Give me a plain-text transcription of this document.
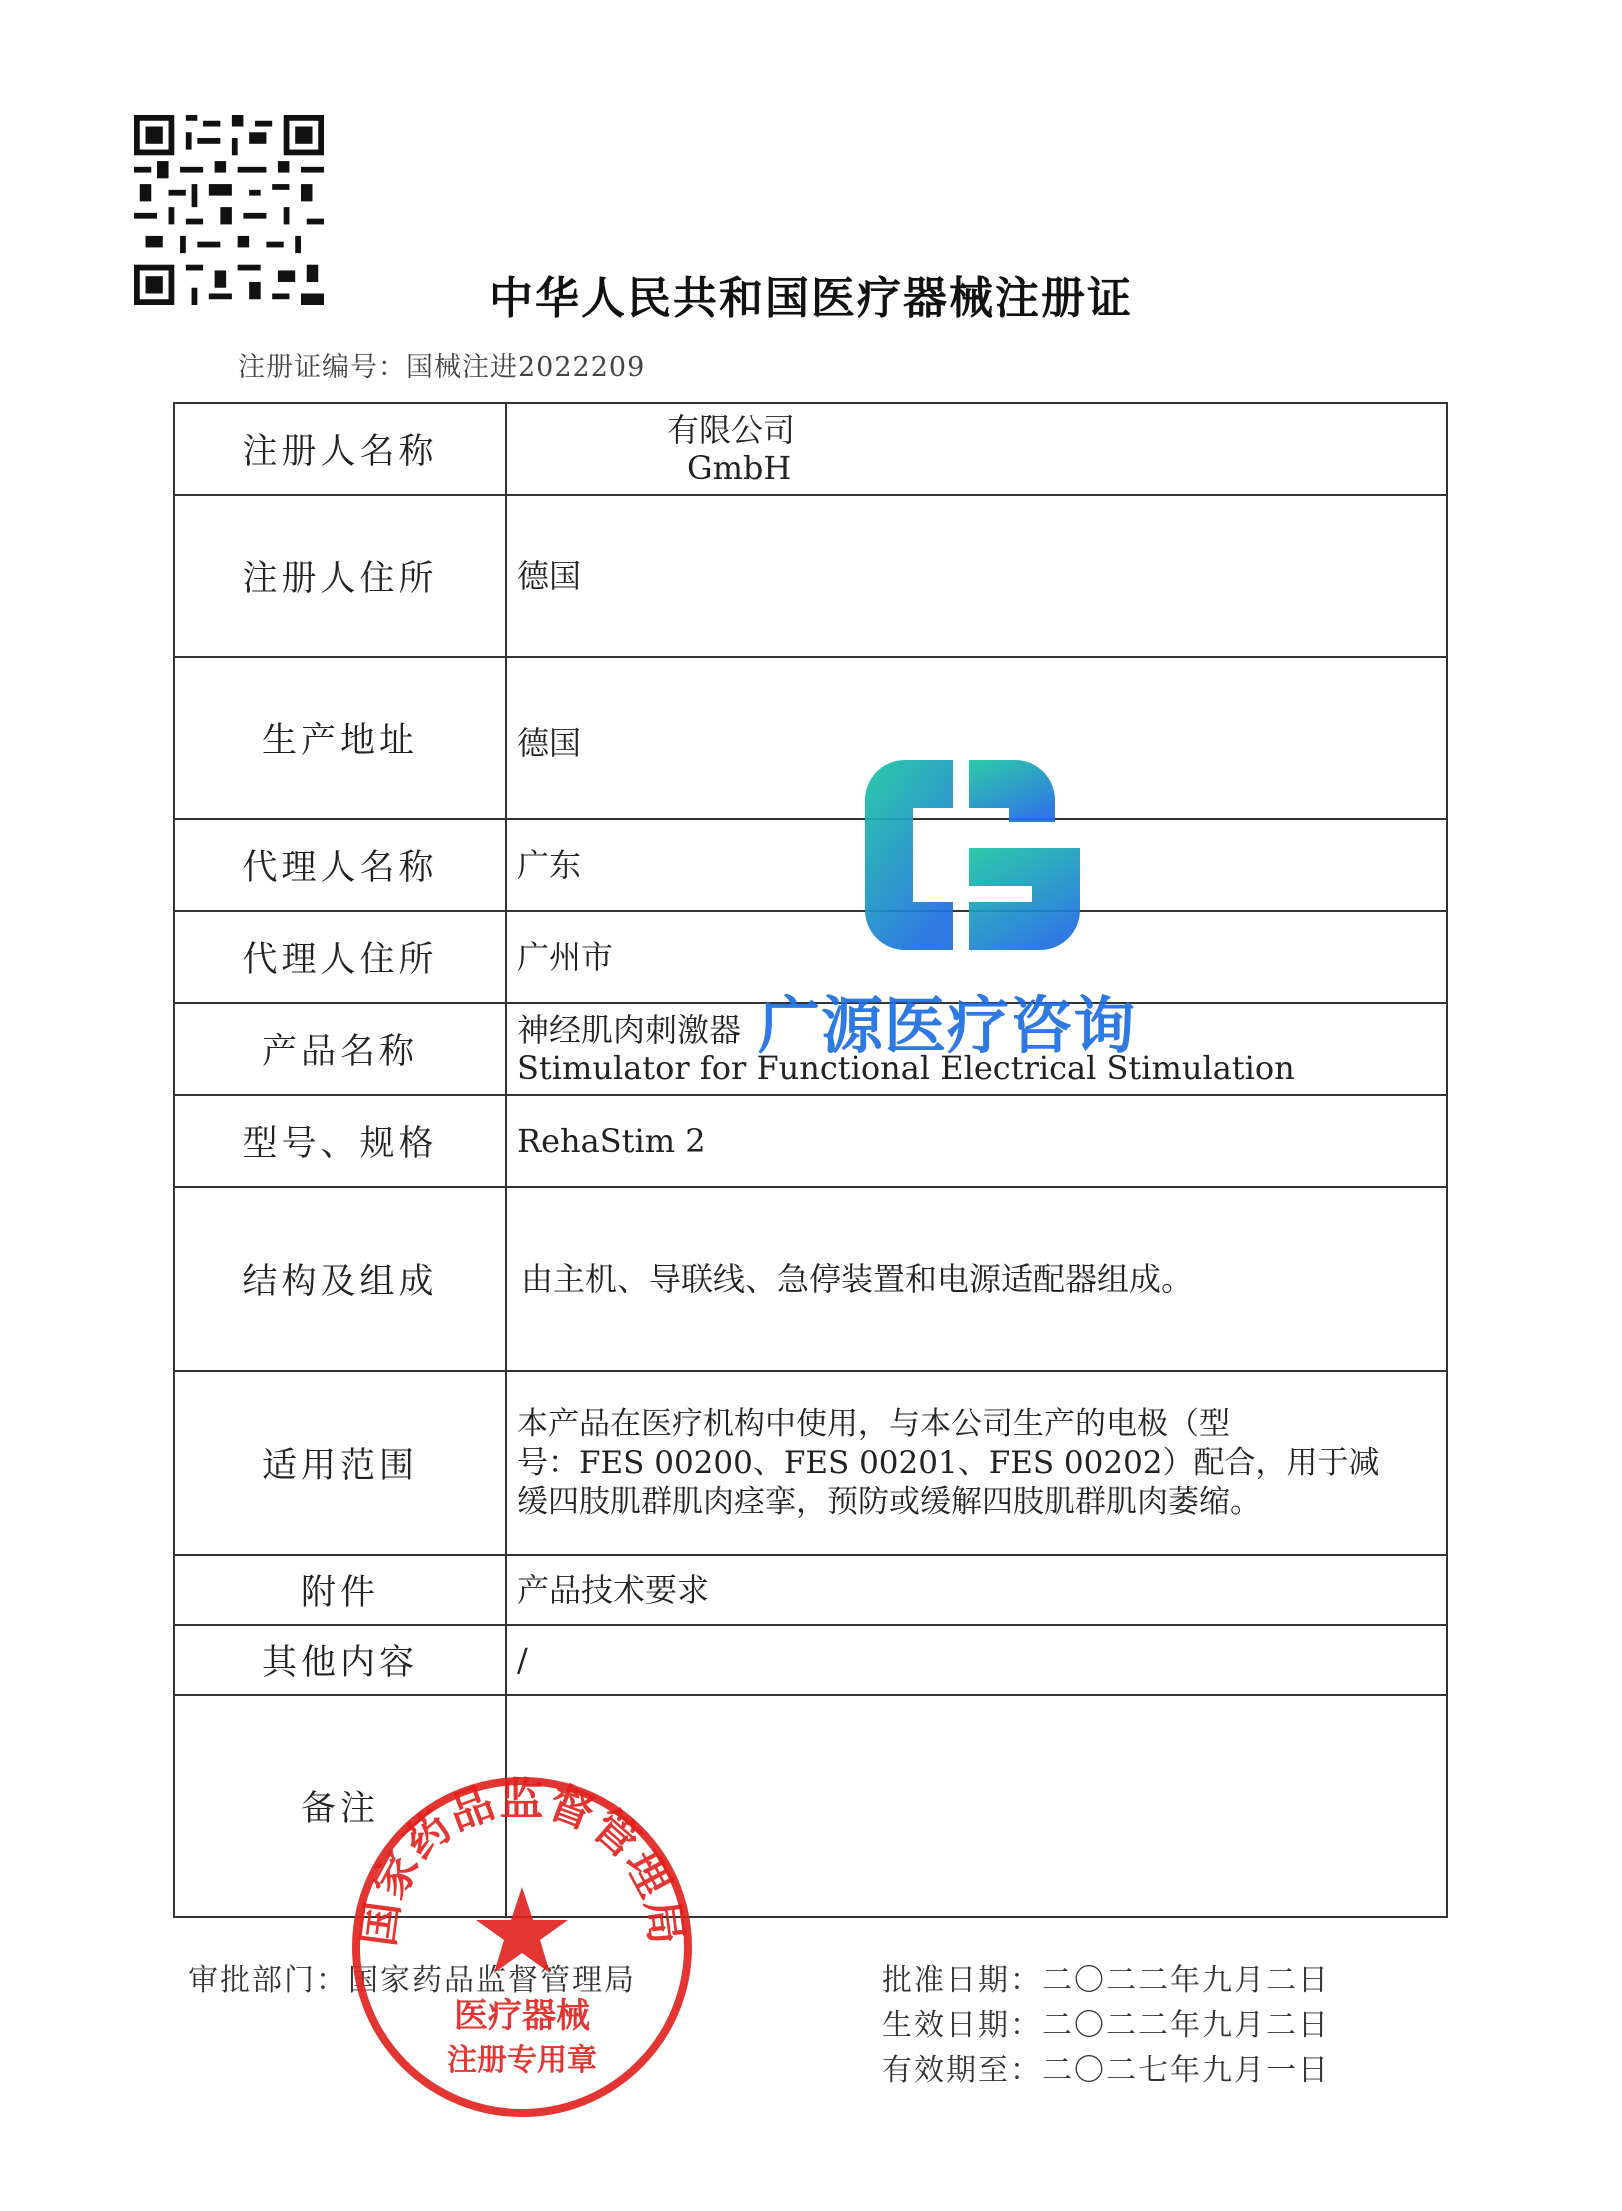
中华人民共和国医疗器械注册证
注册证编号：国械注进2022209
注册人名称	有限公司
GmbH

注册人住所	德国

生产地址	德国

代理人名称	广东

代理人住所	广州市

产品名称	神经肌肉刺激器
Stimulator for Functional Electrical Stimulation

型号、规格	RehaStim 2

结构及组成	由主机、导联线、急停装置和电源适配器组成。

适用范围	本产品在医疗机构中使用，与本公司生产的电极（型
号：FES 00200、FES 00201、FES 00202）配合，用于减
缓四肢肌群肌肉痉挛，预防或缓解四肢肌群肌肉萎缩。

附件	产品技术要求

其他内容	/

备注	
审批部门：国家药品监督管理局	批准日期：二〇二二年九月二日
生效日期：二〇二二年九月二日
有效期至：二〇二七年九月一日
广源医疗咨询
国家药品监督管理局
医疗器械
注册专用章
